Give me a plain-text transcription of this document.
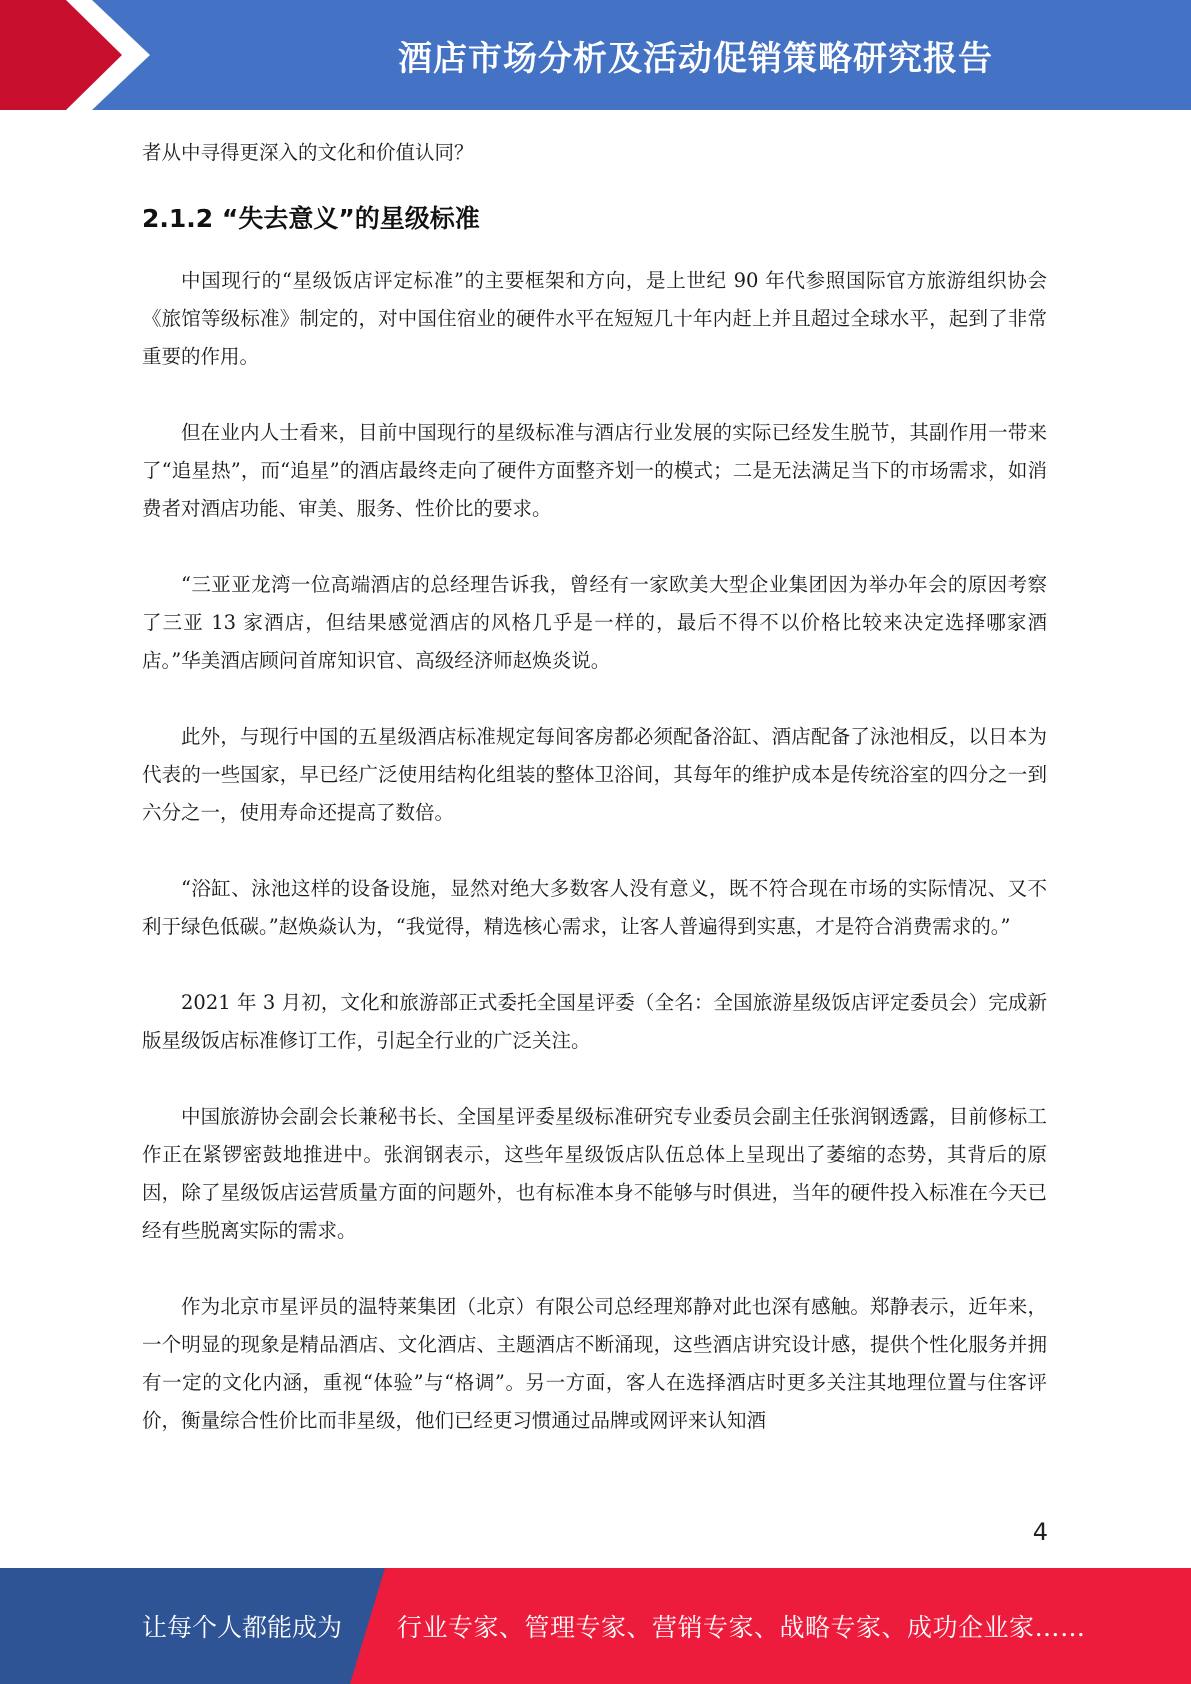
酒店市场分析及活动促销策略研究报告

者从中寻得更深入的文化和价值认同？

2.1.2 “失去意义”的星级标准

中国现行的“星级饭店评定标准”的主要框架和方向，是上世纪 90 年代参照国际官方旅游组织协会《旅馆等级标准》制定的，对中国住宿业的硬件水平在短短几十年内赶上并且超过全球水平，起到了非常重要的作用。

但在业内人士看来，目前中国现行的星级标准与酒店行业发展的实际已经发生脱节，其副作用一带来了“追星热”，而“追星”的酒店最终走向了硬件方面整齐划一的模式；二是无法满足当下的市场需求，如消费者对酒店功能、审美、服务、性价比的要求。

“三亚亚龙湾一位高端酒店的总经理告诉我，曾经有一家欧美大型企业集团因为举办年会的原因考察了三亚 13 家酒店，但结果感觉酒店的风格几乎是一样的，最后不得不以价格比较来决定选择哪家酒店。”华美酒店顾问首席知识官、高级经济师赵焕炎说。

此外，与现行中国的五星级酒店标准规定每间客房都必须配备浴缸、酒店配备了泳池相反，以日本为代表的一些国家，早已经广泛使用结构化组装的整体卫浴间，其每年的维护成本是传统浴室的四分之一到六分之一，使用寿命还提高了数倍。

“浴缸、泳池这样的设备设施，显然对绝大多数客人没有意义，既不符合现在市场的实际情况、又不利于绿色低碳。”赵焕焱认为，“我觉得，精选核心需求，让客人普遍得到实惠，才是符合消费需求的。”

2021 年 3 月初，文化和旅游部正式委托全国星评委（全名：全国旅游星级饭店评定委员会）完成新版星级饭店标准修订工作，引起全行业的广泛关注。

中国旅游协会副会长兼秘书长、全国星评委星级标准研究专业委员会副主任张润钢透露，目前修标工作正在紧锣密鼓地推进中。张润钢表示，这些年星级饭店队伍总体上呈现出了萎缩的态势，其背后的原因，除了星级饭店运营质量方面的问题外，也有标准本身不能够与时俱进，当年的硬件投入标准在今天已经有些脱离实际的需求。

作为北京市星评员的温特莱集团（北京）有限公司总经理郑静对此也深有感触。郑静表示，近年来，一个明显的现象是精品酒店、文化酒店、主题酒店不断涌现，这些酒店讲究设计感，提供个性化服务并拥有一定的文化内涵，重视“体验”与“格调”。另一方面，客人在选择酒店时更多关注其地理位置与住客评价，衡量综合性价比而非星级，他们已经更习惯通过品牌或网评来认知酒

4
让每个人都能成为 行业专家、管理专家、营销专家、战略专家、成功企业家……
